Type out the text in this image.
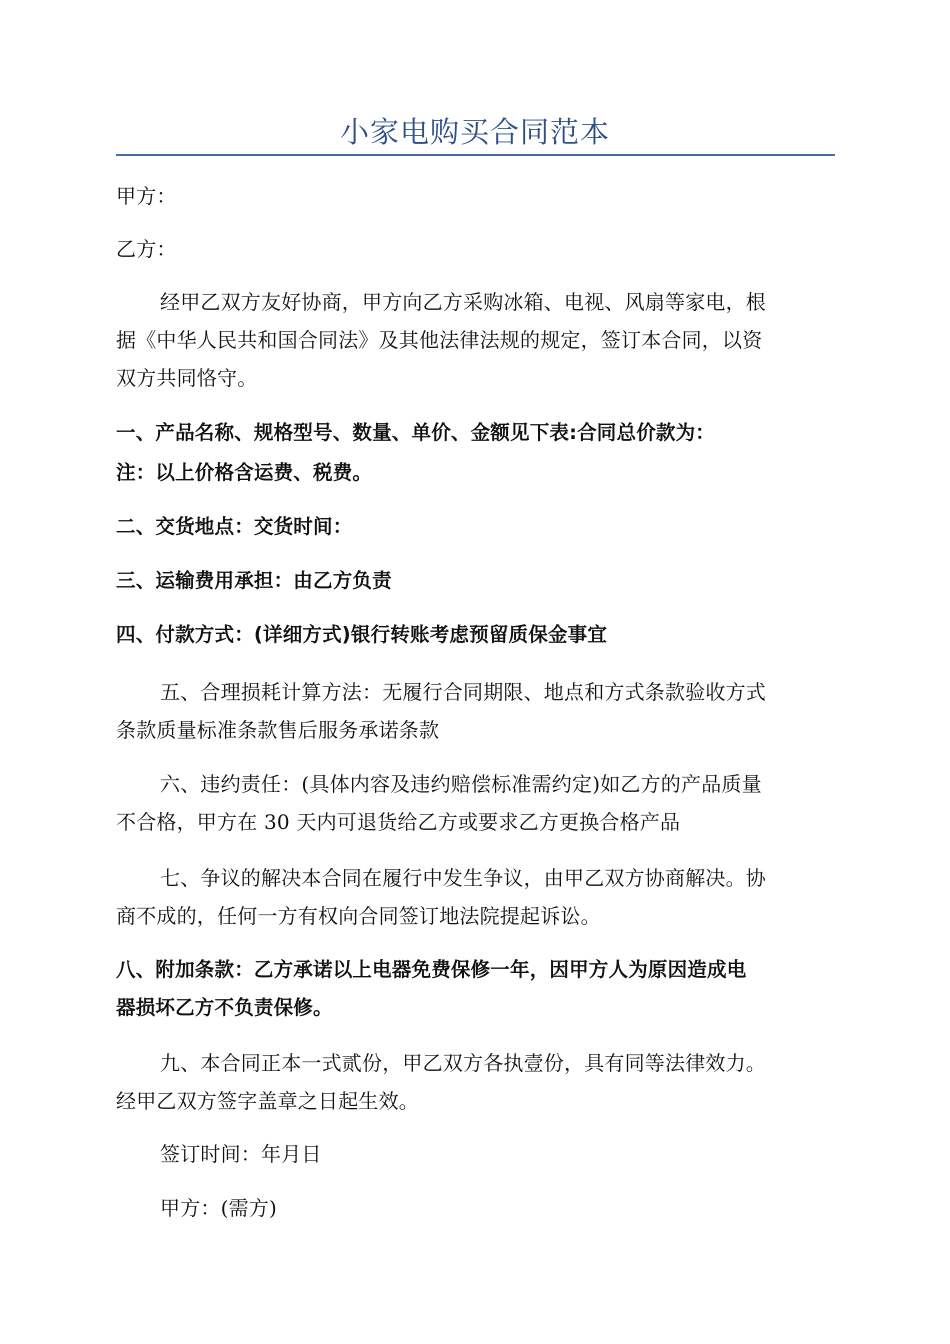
小家电购买合同范本
甲方：
乙方：
经甲乙双方友好协商，甲方向乙方采购冰箱、电视、风扇等家电，根
据《中华人民共和国合同法》及其他法律法规的规定，签订本合同，以资
双方共同恪守。
一、产品名称、规格型号、数量、单价、金额见下表:合同总价款为：
注：以上价格含运费、税费。
二、交货地点：交货时间：
三、运输费用承担：由乙方负责
四、付款方式：(详细方式)银行转账考虑预留质保金事宜
五、合理损耗计算方法：无履行合同期限、地点和方式条款验收方式
条款质量标准条款售后服务承诺条款
六、违约责任：(具体内容及违约赔偿标准需约定)如乙方的产品质量
不合格，甲方在 30 天内可退货给乙方或要求乙方更换合格产品
七、争议的解决本合同在履行中发生争议，由甲乙双方协商解决。协
商不成的，任何一方有权向合同签订地法院提起诉讼。
八、附加条款：乙方承诺以上电器免费保修一年，因甲方人为原因造成电
器损坏乙方不负责保修。
九、本合同正本一式贰份，甲乙双方各执壹份，具有同等法律效力。
经甲乙双方签字盖章之日起生效。
签订时间：年月日
甲方：(需方)
